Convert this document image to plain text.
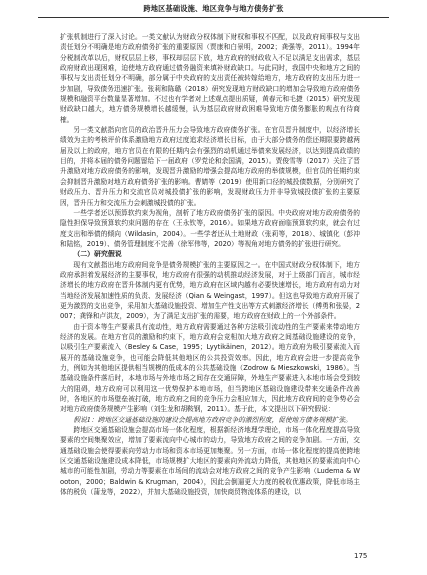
跨地区基础设施、地区竞争与地方债务扩张

扩张机制进行了深入讨论。一类文献认为财政分权体制下财权和事权不匹配，以及政府间事权与支出责任划分不明确是地方政府债务扩张的重要原因（贾康和白景明，2002；龚强等，2011）。1994年分税制改革以后，财权层层上移，事权却层层下放，地方政府的财政收入不足以满足支出需求，基层政府财政出现困难，迫使地方政府通过债务融资来填补财政缺口。与此同时，我国中央和地方之间的事权与支出责任划分不明确，部分属于中央政府的支出责任被转嫁给地方，地方政府的支出压力进一步加剧，导致债务迅速扩张。张莉和陈璐（2018）研究发现地方财政缺口的增加会导致地方政府债务规模和融资平台数量显著增加。不过也有学者对上述观点提出质疑，黄春元和毛捷（2015）研究发现财政缺口越大，地方债务规模增长越缓慢，认为基层政府财政困难导致地方债务膨胀的观点有待商榷。

另一类文献指向官员的政治晋升压力会导致地方政府债务扩张。在官员晋升制度中，以经济增长绩效为主的考核评价体系激励地方政府过度追求经济增长目标，由于大部分债务的偿还期限要跨越两届及以上的政府，地方官员在有限的任期内会有强烈的动机通过举债来发展经济，以达到提高政绩的目的，并将本届的债务问题留给下一届政府（罗党论和余国满，2015）。贾俊雪等（2017）关注了晋升激励对地方政府债务的影响，发现晋升激励的增强会提高地方政府的举债规模，但官员的任期约束会抑制晋升激励对地方政府债务扩张的影响。曹婧等（2019）使用新口径的城投债数据，分别研究了财政压力、晋升压力和交流官员对城投债扩张的影响，发现财政压力并非导致城投债扩张的主要原因，晋升压力和交流压力会刺激城投债的扩张。

一些学者还以预算软约束为视角，剖析了地方政府债务扩张的原因。中央政府对地方政府债务的隐性担保导致预算软约束问题的存在（王永钦等，2016）。如果地方政府面临预算软约束，就会有过度支出和举债的倾向（Wildasin，2004）。一些学者还从土地财政（张莉等，2018）、城镇化（彭冲和陆铭，2019）、债务管理制度不完善（徐军伟等，2020）等视角对地方债务的扩张进行研究。

（二）研究假说

现有文献指出地方政府间竞争是债务规模扩张的主要原因之一。在中国式财政分权体制下，地方政府承担着发展经济的主要事权，地方政府有很强的动机推动经济发展，对于上级部门而言，城市经济增长的地方政府在晋升体制内更有优势，地方政府在区域内越有必要快速增长，地方政府有动力对当地经济发展加速性质的负责、发展经济（Qian & Weingast，1997）。但这也导致地方政府开展了更为激烈的支出竞争，采用加大基础设施投资、增加生产性支出等方式刺激经济增长（傅勇和张晏，2007；龚锋和卢洪友，2009），为了满足支出扩张的需要，地方政府在财政上的一个外部条件。

由于资本等生产要素具有流动性，地方政府需要通过各种方法吸引流动性的生产要素来带动地方经济的发展。在地方官员的激励和约束下，地方政府会竞相加大地方政府之间基础设施建设的竞争，以吸引生产要素流入（Besley & Case，1995；Lyytikäinen，2012）。地方政府为吸引要素流入而展开的基础设施竞争，也可能会降低其他地区的公共投资效率。因此，地方政府会进一步提高竞争力，例如为其他地区提供相当规模的低成本的公共基础设施（Zodrow & Mieszkowski，1986）。当基础设施条件落后时，本地市场与外地市场之间存在交通屏障，外地生产要素进入本地市场会受到较大的阻碍，地方政府可以利用这一优势保护本地市场，但当跨地区基础设施建设带来交通条件改善时，各地区的市场壁垒被打破，地方政府之间的竞争压力会相应加大，因此地方政府间的竞争势必会对地方政府债务规模产生影响（刘生龙和胡鞍钢，2011）。基于此，本文提出以下研究假说：

假说1：跨地区交通基础设施的建设会提高地方政府竞争的激烈程度，促使地方债务规模扩张。

跨地区交通基础设施会提高市场一体化程度，根据新经济地理学理论，市场一体化程度提高导致要素的空间集聚效应，增加了要素流向中心城市的动力，导致地方政府之间的竞争加剧。一方面，交通基础设施会使得要素向劳动力市场和资本市场更加集聚。另一方面，市场一体化程度的提高使跨地区交通基础设施建设成本降低，市场规模扩大地区的要素向外流动力降低，其他地区的要素流向中心城市的可能性加剧，劳动力等要素在市场间的流动会对地方政府之间的竞争产生影响（Ludema & Wooton，2000；Baldwin & Krugman，2004），因此会倒逼更大力度的税收优惠政策，降低市场主体的税负（蒲龙等，2022），并加大基础设施投资，加快商贸物流体系的建设，以

175
